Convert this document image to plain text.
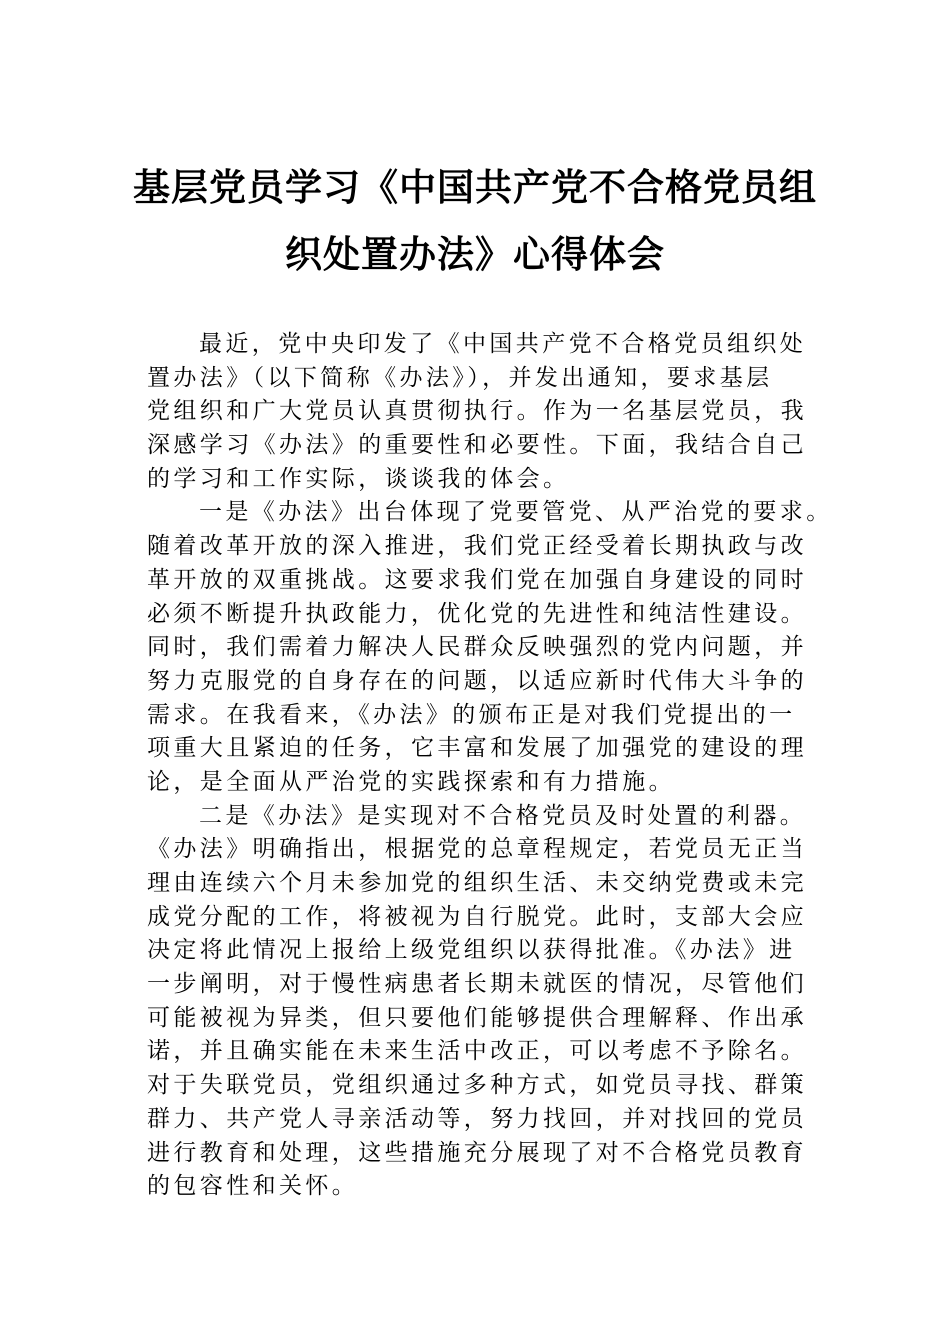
基层党员学习《中国共产党不合格党员组
织处置办法》心得体会
最近，党中央印发了《中国共产党不合格党员组织处
置办法》（以下简称《办法》），并发出通知，要求基层
党组织和广大党员认真贯彻执行。作为一名基层党员，我
深感学习《办法》的重要性和必要性。下面，我结合自己
的学习和工作实际，谈谈我的体会。
一是《办法》出台体现了党要管党、从严治党的要求。
随着改革开放的深入推进，我们党正经受着长期执政与改
革开放的双重挑战。这要求我们党在加强自身建设的同时
必须不断提升执政能力，优化党的先进性和纯洁性建设。
同时，我们需着力解决人民群众反映强烈的党内问题，并
努力克服党的自身存在的问题，以适应新时代伟大斗争的
需求。在我看来，《办法》的颁布正是对我们党提出的一
项重大且紧迫的任务，它丰富和发展了加强党的建设的理
论，是全面从严治党的实践探索和有力措施。
二是《办法》是实现对不合格党员及时处置的利器。
《办法》明确指出，根据党的总章程规定，若党员无正当
理由连续六个月未参加党的组织生活、未交纳党费或未完
成党分配的工作，将被视为自行脱党。此时，支部大会应
决定将此情况上报给上级党组织以获得批准。《办法》进
一步阐明，对于慢性病患者长期未就医的情况，尽管他们
可能被视为异类，但只要他们能够提供合理解释、作出承
诺，并且确实能在未来生活中改正，可以考虑不予除名。
对于失联党员，党组织通过多种方式，如党员寻找、群策
群力、共产党人寻亲活动等，努力找回，并对找回的党员
进行教育和处理，这些措施充分展现了对不合格党员教育
的包容性和关怀。
